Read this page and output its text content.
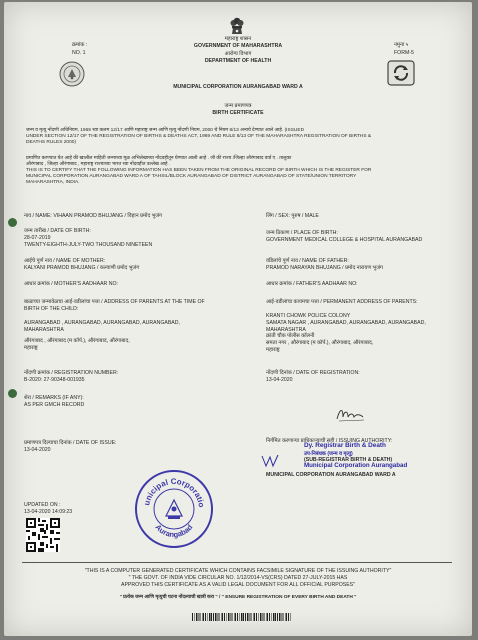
क्रमांक :
NO. 1
महाराष्ट्र शासन
GOVERNMENT OF MAHARASHTRA
आरोग्य विभाग
DEPARTMENT OF HEALTH
नमुना ५
FORM-5
MUNICIPAL CORPORATION AURANGABAD WARD A
जन्म प्रमाणपत्र
BIRTH CERTIFICATE
जन्म व मृत्यु नोंदणी अधिनियम, 1969 च्या कलम 12/17 आणि महाराष्ट्र जन्म आणि मृत्यु नोंदणी नियम, 2000 चे नियम 8/13 अन्वये देण्यात आले आहे. (ISSUED
UNDER SECTION 12/17 OF THE REGISTRATION OF BIRTHS & DEATHS ACT, 1969 AND RULE 8/13 OF THE MAHARASHTRA REGISTRATION OF BIRTHS &
DEATHS RULES 2000)
प्रमाणित करण्यात येत आहे की खालील माहिती जन्माच्या मूळ अभिलेखाच्या नोंदवहीतून घेण्यात आली आहे . जी की राज्य /जिल्हा औरंगाबाद वार्ड ए . तालुका
औरंगाबाद , जिल्हा औरंगाबाद , महाराष्ट्र राज्याच्या भारत च्या नोंदवहीत उल्लेख आहे .
THIS IS TO CERTIFY THAT THE FOLLOWING INFORMATION HAS BEEN TAKEN FROM THE ORIGINAL RECORD OF BIRTH WHICH IS THE REGISTER FOR
MUNICIPAL CORPORATION AURANGABAD WARD A OF TAHSIL/BLOCK AURANGABAD OF DISTRICT AURANGABAD OF STATE/UNION TERRITORY
MAHARASHTRA, INDIA.
नाव / NAME: VIHAAN PRAMOD BHUJANG / विहान प्रमोद भुजंग	लिंग / SEX: पुरुष / MALE
जन्म तारीख / DATE OF BIRTH:
28-07-2019
TWENTY-EIGHTH-JULY-TWO THOUSAND NINETEEN
जन्म ठिकाण / PLACE OF BIRTH:
GOVERNMENT MEDICAL COLLEGE & HOSPITAL AURANGABAD
आईचे पूर्ण नाव / NAME OF MOTHER:
KALYANI PRAMOD BHUJANG / कल्याणी प्रमोद भुजंग
वडिलांचे पूर्ण नाव / NAME OF FATHER:
PRAMOD NARAYAN BHUJANG / प्रमोद नारायण भुजंग
आधार क्रमांक / MOTHER'S AADHAAR NO:	आधार क्रमांक / FATHER'S AADHAAR NO:
बाळाच्या जन्मावेळचा आई-वडीलांचा पत्ता / ADDRESS OF PARENTS AT THE TIME OF
BIRTH OF THE CHILD:
AURANGABAD , AURANGABAD, AURANGABAD, AURANGABAD,
MAHARASHTRA
औरंगाबाद , औरंगाबाद (म कॉर्प.), औरंगाबाद, औरंगाबाद,
महाराष्ट्र
आई-वडीलांचा कायमचा पत्ता / PERMANENT ADDRESS OF PARENTS:
KRANTI CHOWK POLICE COLONY
SAMATA NAGAR , AURANGABAD, AURANGABAD, AURANGABAD,
MAHARASHTRA
क्रांती चौक पोलीस कॉलनी
समता नगर , औरंगाबाद (म कॉर्प.), औरंगाबाद, औरंगाबाद,
महाराष्ट्र
नोंदणी क्रमांक / REGISTRATION NUMBER:
B-2020: 27-90348-001935
नोंदणी दिनांक / DATE OF REGISTRATION:
13-04-2020
शेरा / REMARKS (IF ANY):
AS PER GMCH RECORD
प्रमाणपत्र दिल्याचा दिनांक / DATE OF ISSUE:
13-04-2020
निर्गमित करणाऱ्या प्राधिकाऱ्याची सही / ISSUING AUTHORITY:
Dy. Registrar Birth & Death
उप-निबंधक (जन्म व मृत्यु)
(SUB-REGISTRAR BIRTH & DEATH)
Municipal Corporation Aurangabad
MUNICIPAL CORPORATION AURANGABAD WARD A
unicipal Corporatio
Aurangabad
UPDATED ON :
13-04-2020 14:09:23
"THIS IS A COMPUTER GENERATED CERTIFICATE WHICH CONTAINS FACSIMILE SIGNATURE OF THE ISSUING AUTHORITY"
" THE GOVT. OF INDIA VIDE CIRCULAR NO. 1/12/2014-VS(CRS) DATED 27-JULY-2015 HAS
APPROVED THIS CERTIFICATE AS A VALID LEGAL DOCUMENT FOR ALL OFFICIAL PURPOSES"
" प्रत्येक जन्म आणि मृत्युची घटना नोंदल्याची खात्री करा " / " ENSURE REGISTRATION OF EVERY BIRTH AND DEATH "
